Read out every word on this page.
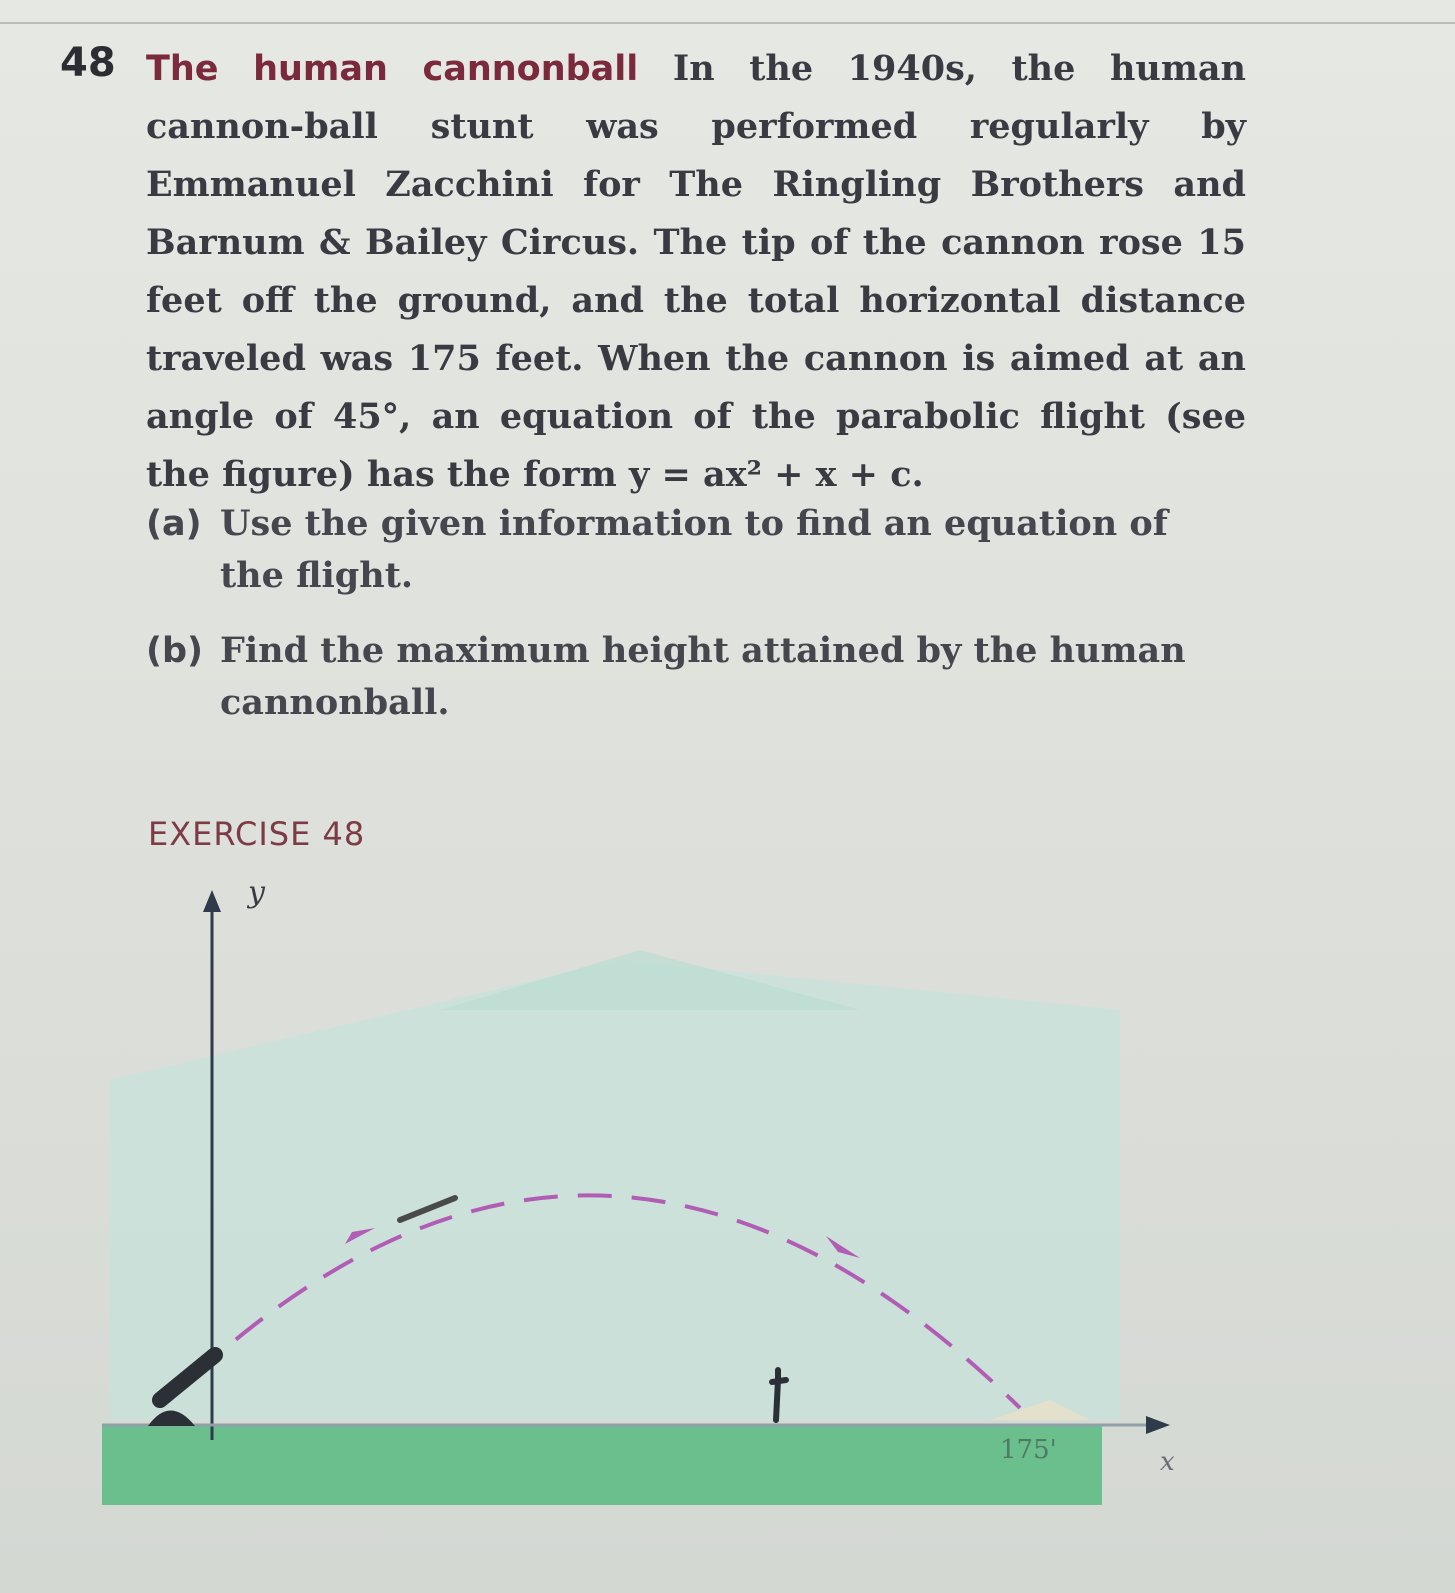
48 The human cannonball In the 1940s, the human cannon-ball stunt was performed regularly by Emmanuel Zacchini for The Ringling Brothers and Barnum & Bailey Circus. The tip of the cannon rose 15 feet off the ground, and the total horizontal distance traveled was 175 feet. When the cannon is aimed at an angle of 45°, an equation of the parabolic flight (see the figure) has the form y = ax² + x + c.
(a) Use the given information to find an equation of the flight.
(b) Find the maximum height attained by the human cannonball.
EXERCISE 48
y
x
175'
